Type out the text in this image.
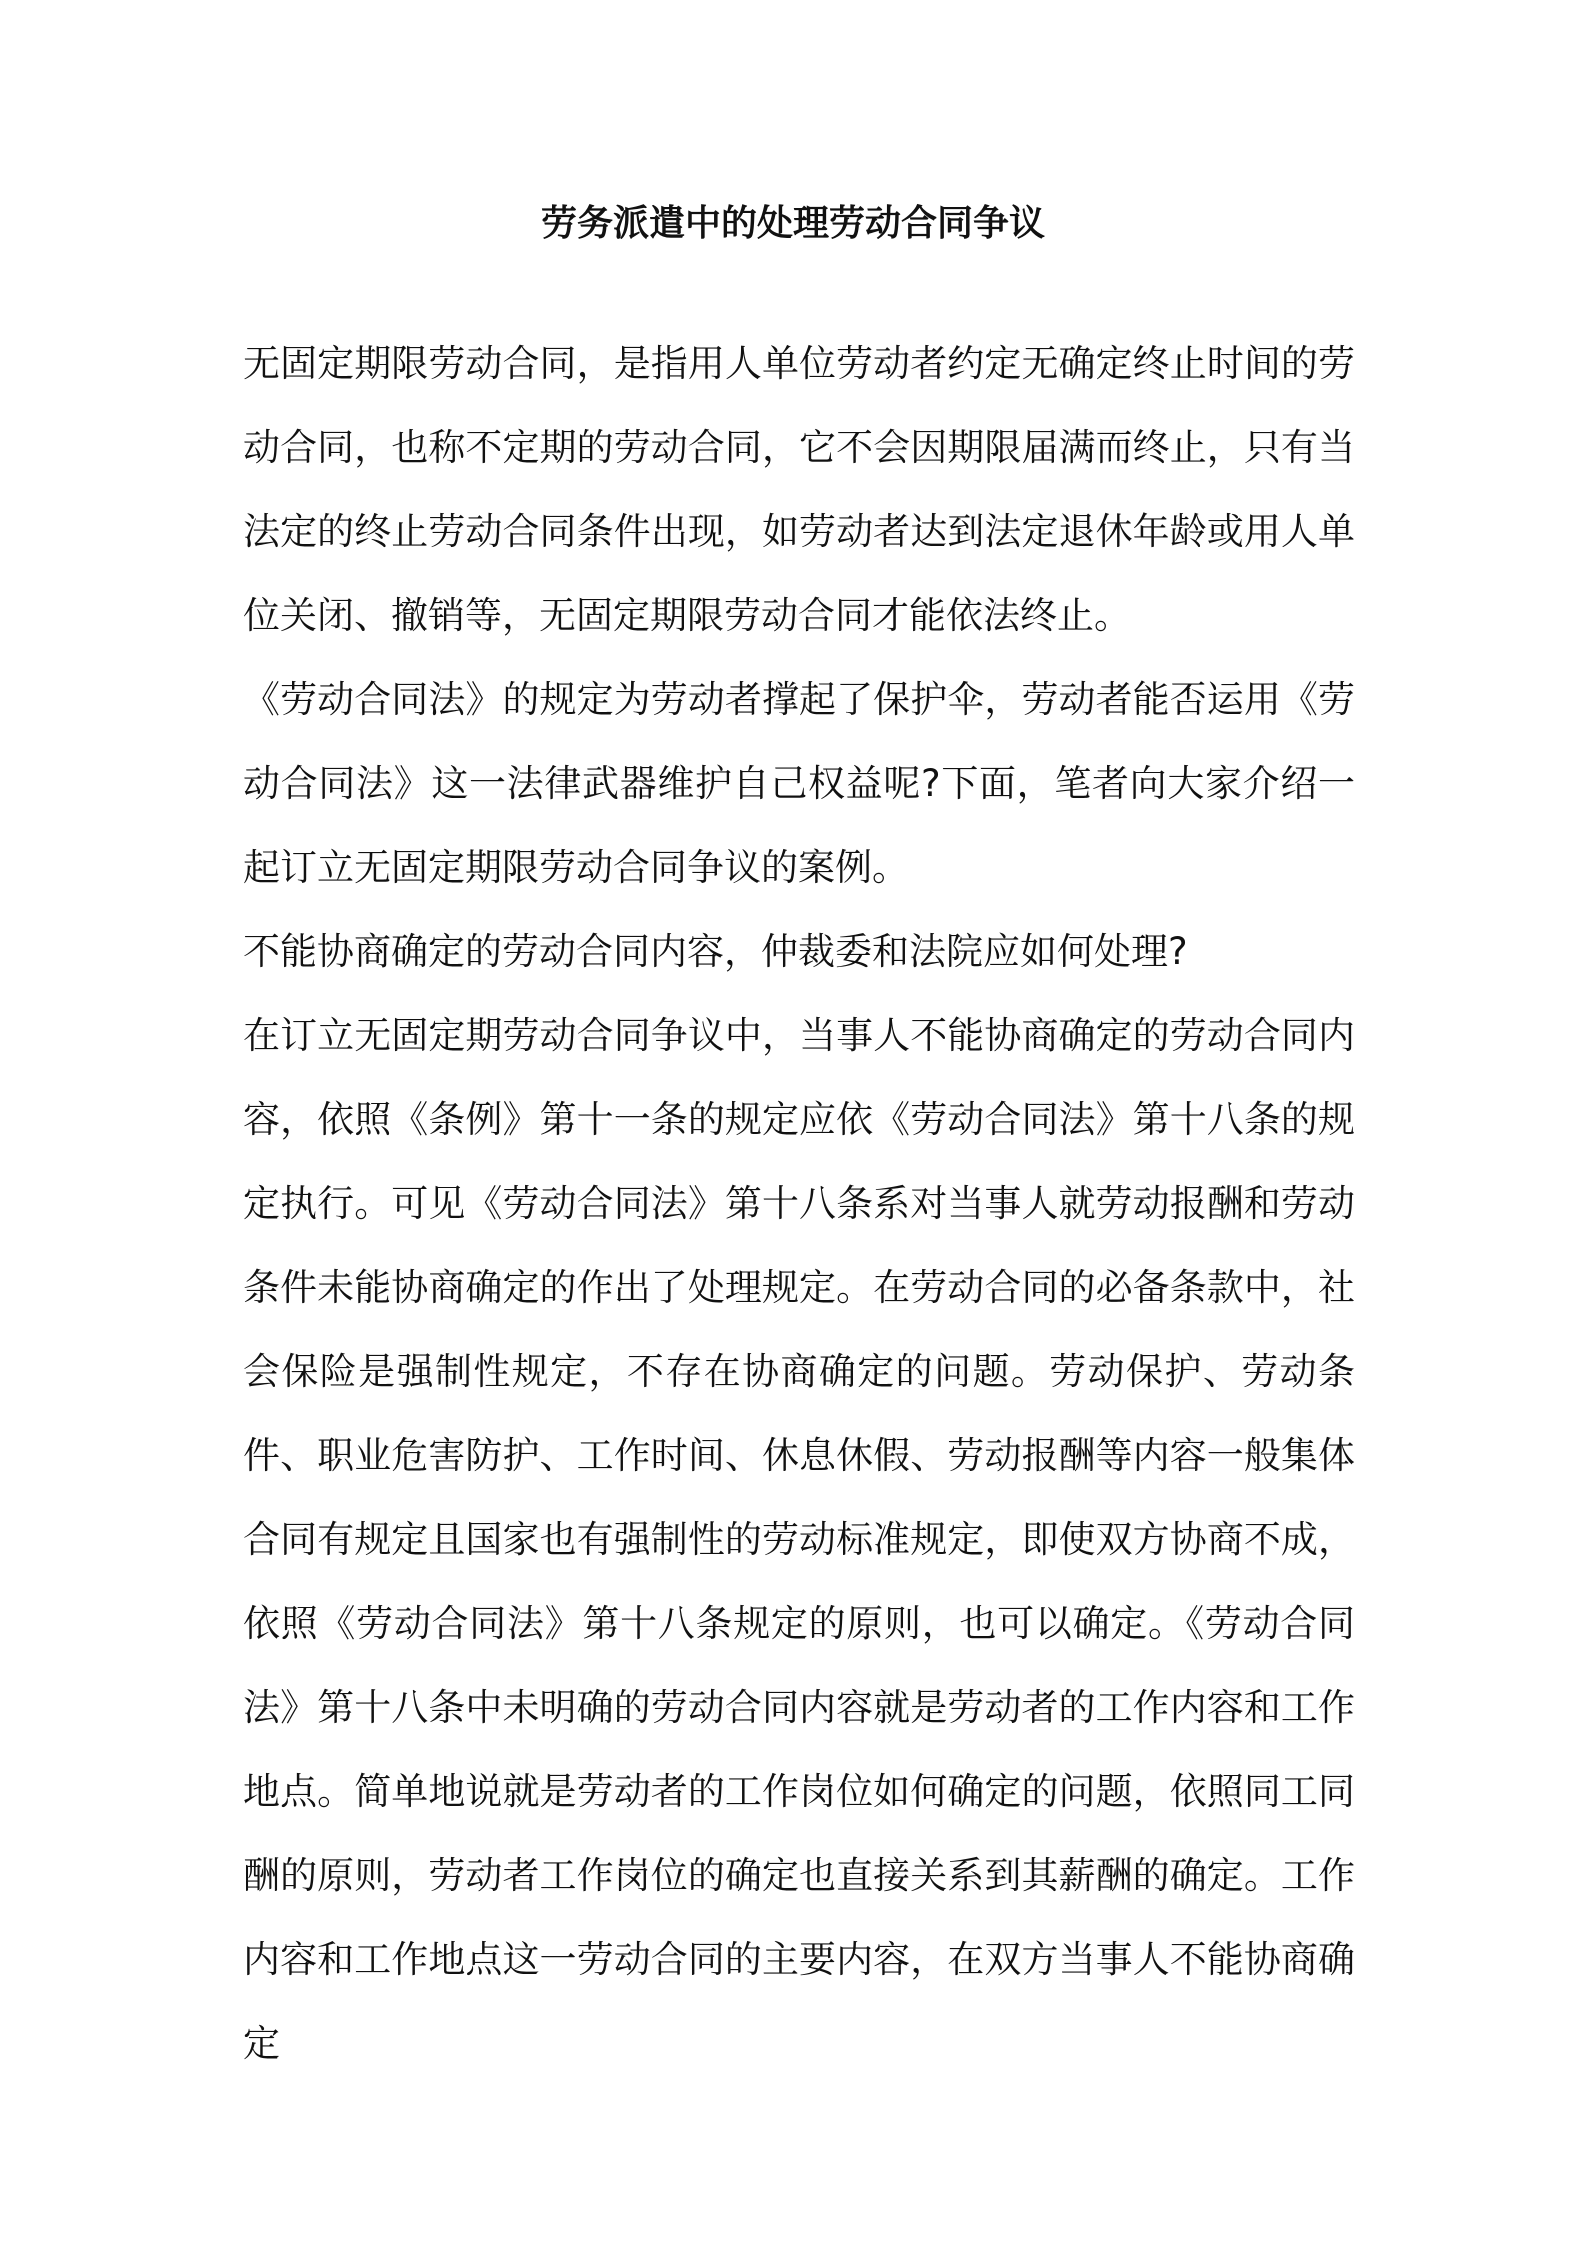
劳务派遣中的处理劳动合同争议

无固定期限劳动合同，是指用人单位劳动者约定无确定终止时间的劳动合同，也称不定期的劳动合同，它不会因期限届满而终止，只有当法定的终止劳动合同条件出现，如劳动者达到法定退休年龄或用人单位关闭、撤销等，无固定期限劳动合同才能依法终止。

《劳动合同法》的规定为劳动者撑起了保护伞，劳动者能否运用《劳动合同法》这一法律武器维护自己权益呢?下面，笔者向大家介绍一起订立无固定期限劳动合同争议的案例。

不能协商确定的劳动合同内容，仲裁委和法院应如何处理?

在订立无固定期劳动合同争议中，当事人不能协商确定的劳动合同内容，依照《条例》第十一条的规定应依《劳动合同法》第十八条的规定执行。可见《劳动合同法》第十八条系对当事人就劳动报酬和劳动条件未能协商确定的作出了处理规定。在劳动合同的必备条款中，社会保险是强制性规定，不存在协商确定的问题。劳动保护、劳动条件、职业危害防护、工作时间、休息休假、劳动报酬等内容一般集体合同有规定且国家也有强制性的劳动标准规定，即使双方协商不成，依照《劳动合同法》第十八条规定的原则，也可以确定。《劳动合同法》第十八条中未明确的劳动合同内容就是劳动者的工作内容和工作地点。简单地说就是劳动者的工作岗位如何确定的问题，依照同工同酬的原则，劳动者工作岗位的确定也直接关系到其薪酬的确定。工作内容和工作地点这一劳动合同的主要内容，在双方当事人不能协商确定
